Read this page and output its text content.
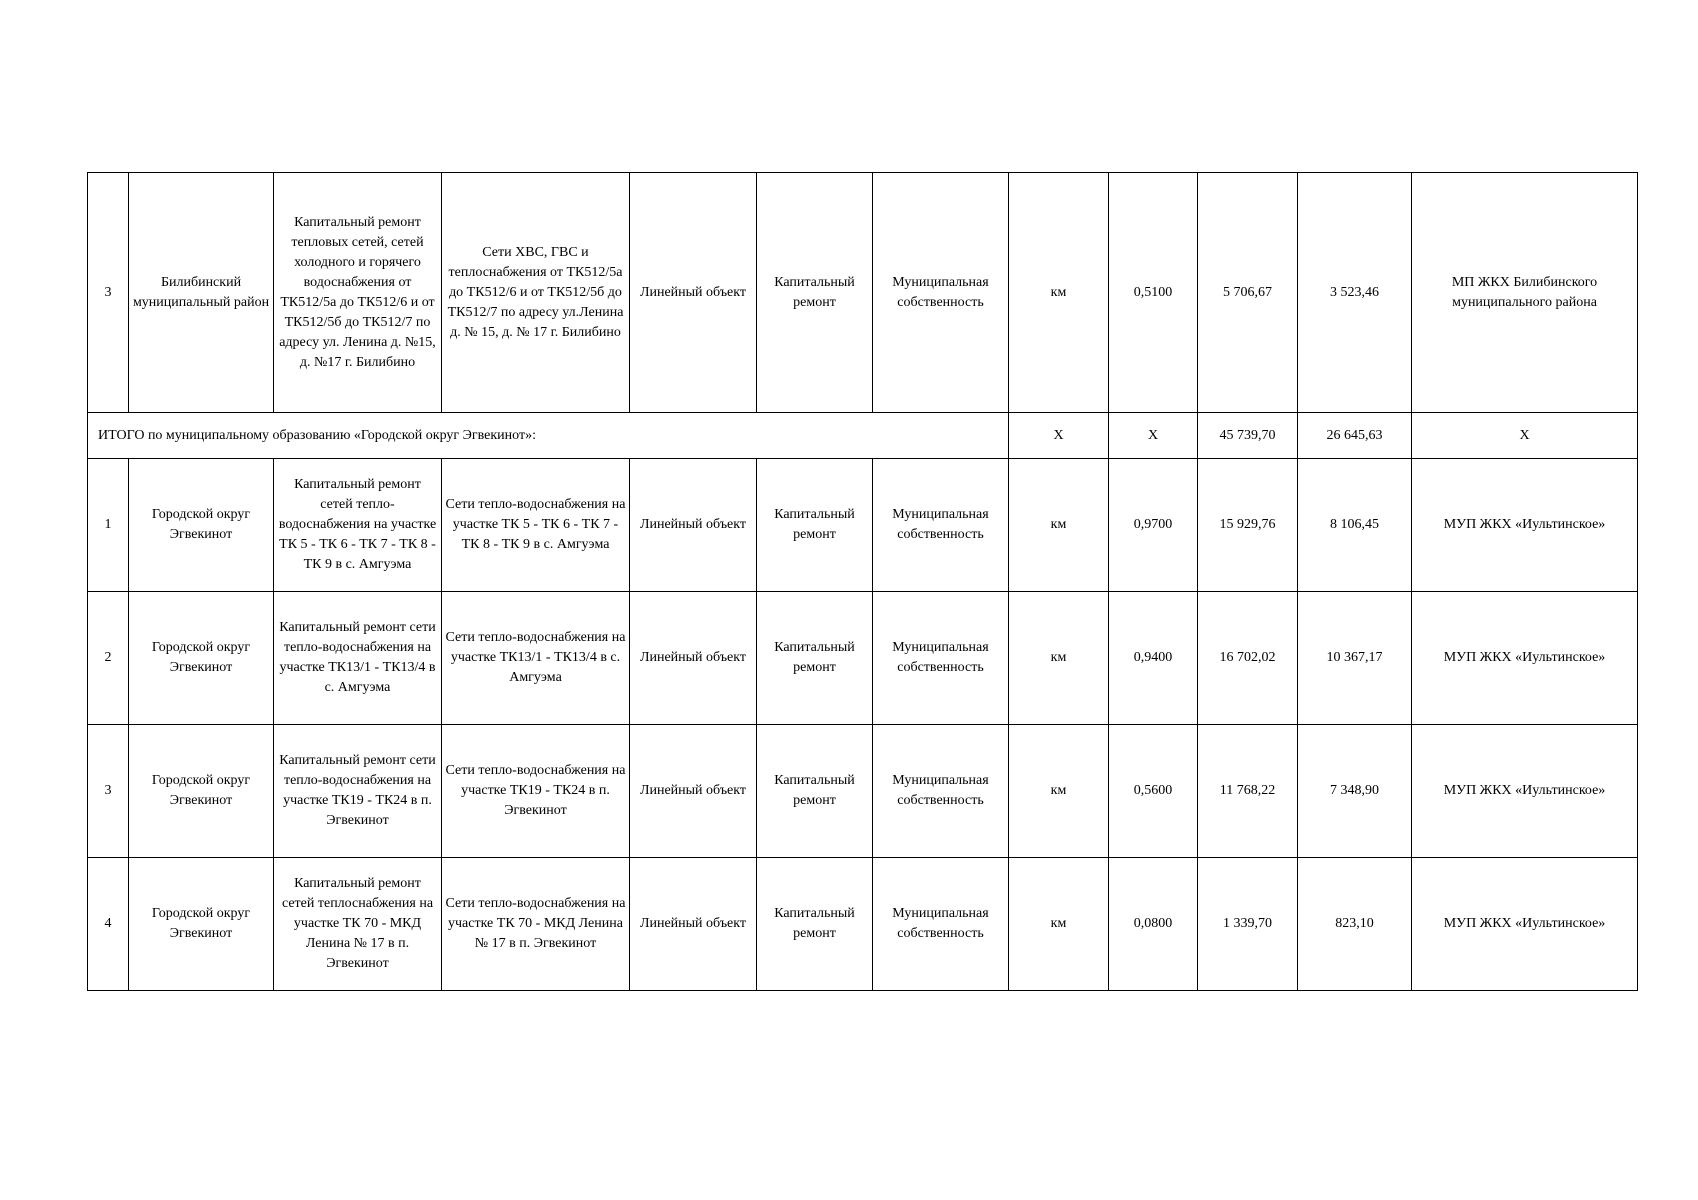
3	Билибинский муниципальный район	Капитальный ремонт тепловых сетей, сетей холодного и горячего водоснабжения от ТК512/5а до ТК512/6 и от ТК512/5б до ТК512/7 по адресу ул. Ленина д. №15, д. №17 г. Билибино	Сети ХВС, ГВС и теплоснабжения от ТК512/5а до ТК512/6 и от ТК512/5б до ТК512/7 по адресу ул.Ленина д. № 15, д. № 17 г. Билибино	Линейный объект	Капитальный ремонт	Муниципальная собственность	км	0,5100	5 706,67	3 523,46	МП ЖКХ Билибинского муниципального района
ИТОГО по муниципальному образованию «Городской округ Эгвекинот»:							Х	Х	45 739,70	26 645,63	Х
1	Городской округ Эгвекинот	Капитальный ремонт сетей тепло-водоснабжения на участке ТК 5 - ТК 6 - ТК 7 - ТК 8 - ТК 9 в с. Амгуэма	Сети тепло-водоснабжения на участке ТК 5 - ТК 6 - ТК 7 - ТК 8 - ТК 9 в с. Амгуэма	Линейный объект	Капитальный ремонт	Муниципальная собственность	км	0,9700	15 929,76	8 106,45	МУП ЖКХ «Иультинское»
2	Городской округ Эгвекинот	Капитальный ремонт сети тепло-водоснабжения на участке ТК13/1 - ТК13/4 в с. Амгуэма	Сети тепло-водоснабжения на участке ТК13/1 - ТК13/4 в с. Амгуэма	Линейный объект	Капитальный ремонт	Муниципальная собственность	км	0,9400	16 702,02	10 367,17	МУП ЖКХ «Иультинское»
3	Городской округ Эгвекинот	Капитальный ремонт сети тепло-водоснабжения на участке ТК19 - ТК24 в п. Эгвекинот	Сети тепло-водоснабжения на участке ТК19 - ТК24 в п. Эгвекинот	Линейный объект	Капитальный ремонт	Муниципальная собственность	км	0,5600	11 768,22	7 348,90	МУП ЖКХ «Иультинское»
4	Городской округ Эгвекинот	Капитальный ремонт сетей теплоснабжения на участке ТК 70 - МКД Ленина № 17 в п. Эгвекинот	Сети тепло-водоснабжения на участке ТК 70 - МКД Ленина № 17 в п. Эгвекинот	Линейный объект	Капитальный ремонт	Муниципальная собственность	км	0,0800	1 339,70	823,10	МУП ЖКХ «Иультинское»
